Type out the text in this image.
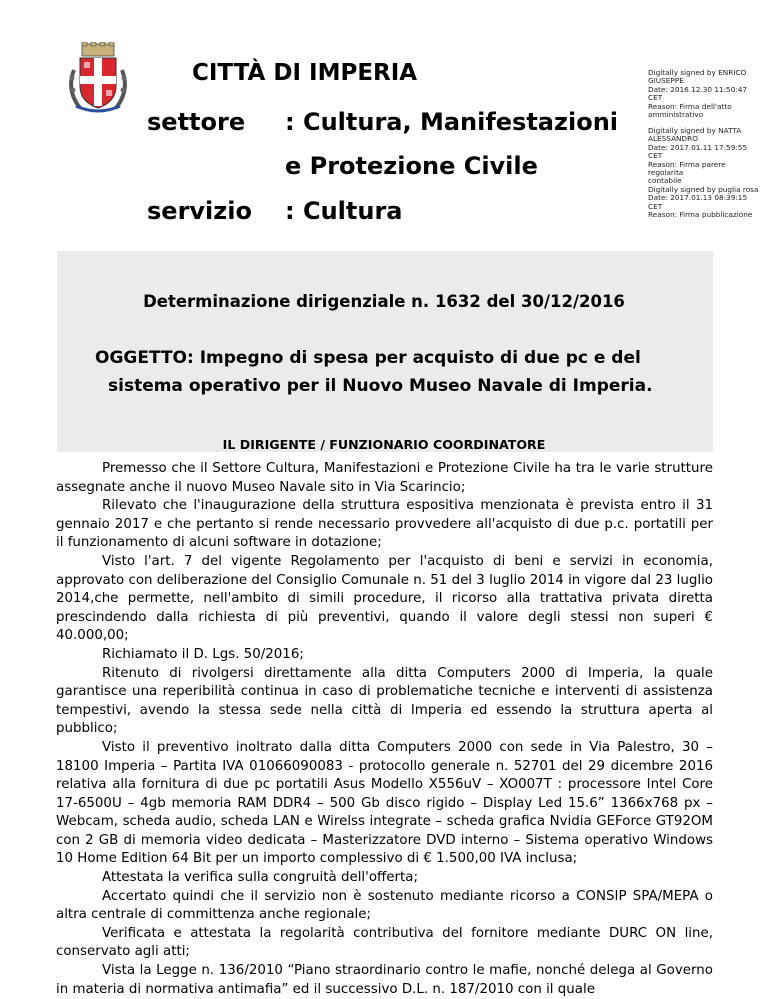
CITTÀ DI IMPERIA
settore : Cultura, Manifestazioni
e Protezione Civile
servizio : Cultura
Digitally signed by ENRICO
GIUSEPPE
Date: 2016.12.30 11:50:47 CET
Reason: Firma dell'atto
amministrativo
Digitally signed by NATTA
ALESSANDRO
Date: 2017.01.11 17:59:55 CET
Reason: Firma parere regolarita
contabile
Digitally signed by puglia rosa
Date: 2017.01.13 08:39:15
CET
Reason: Firma pubblicazione
Determinazione dirigenziale n. 1632 del 30/12/2016
OGGETTO: Impegno di spesa per acquisto di due pc e del
sistema operativo per il Nuovo Museo Navale di Imperia.
IL DIRIGENTE / FUNZIONARIO COORDINATORE

Premesso che il Settore Cultura, Manifestazioni e Protezione Civile ha tra le varie strutture assegnate anche il nuovo Museo Navale sito in Via Scarincio;

Rilevato che l'inaugurazione della struttura espositiva menzionata è prevista entro il 31 gennaio 2017 e che pertanto si rende necessario provvedere all'acquisto di due p.c. portatili per il funzionamento di alcuni software in dotazione;

Visto l'art. 7 del vigente Regolamento per l'acquisto di beni e servizi in economia, approvato con deliberazione del Consiglio Comunale n. 51 del 3 luglio 2014 in vigore dal 23 luglio 2014,che permette, nell'ambito di simili procedure, il ricorso alla trattativa privata diretta prescindendo dalla richiesta di più preventivi, quando il valore degli stessi non superi € 40.000,00;

Richiamato il D. Lgs. 50/2016;

Ritenuto di rivolgersi direttamente alla ditta Computers 2000 di Imperia, la quale garantisce una reperibilità continua in caso di problematiche tecniche e interventi di assistenza tempestivi, avendo la stessa sede nella città di Imperia ed essendo la struttura aperta al pubblico;

Visto il preventivo inoltrato dalla ditta Computers 2000 con sede in Via Palestro, 30 – 18100 Imperia – Partita IVA 01066090083 - protocollo generale n. 52701 del 29 dicembre 2016 relativa alla fornitura di due pc portatili Asus Modello X556uV – XO007T : processore Intel Core 17-6500U – 4gb memoria RAM DDR4 – 500 Gb disco rigido – Display Led 15.6” 1366x768 px – Webcam, scheda audio, scheda LAN e Wirelss integrate – scheda grafica Nvidia GEForce GT92OM con 2 GB di memoria video dedicata – Masterizzatore DVD interno – Sistema operativo Windows 10 Home Edition 64 Bit per un importo complessivo di € 1.500,00 IVA inclusa;

Attestata la verifica sulla congruità dell'offerta;

Accertato quindi che il servizio non è sostenuto mediante ricorso a CONSIP SPA/MEPA o altra centrale di committenza anche regionale;

Verificata e attestata la regolarità contributiva del fornitore mediante DURC ON line, conservato agli atti;

Vista la Legge n. 136/2010 “Piano straordinario contro le mafie, nonché delega al Governo in materia di normativa antimafia” ed il successivo D.L. n. 187/2010 con il quale
